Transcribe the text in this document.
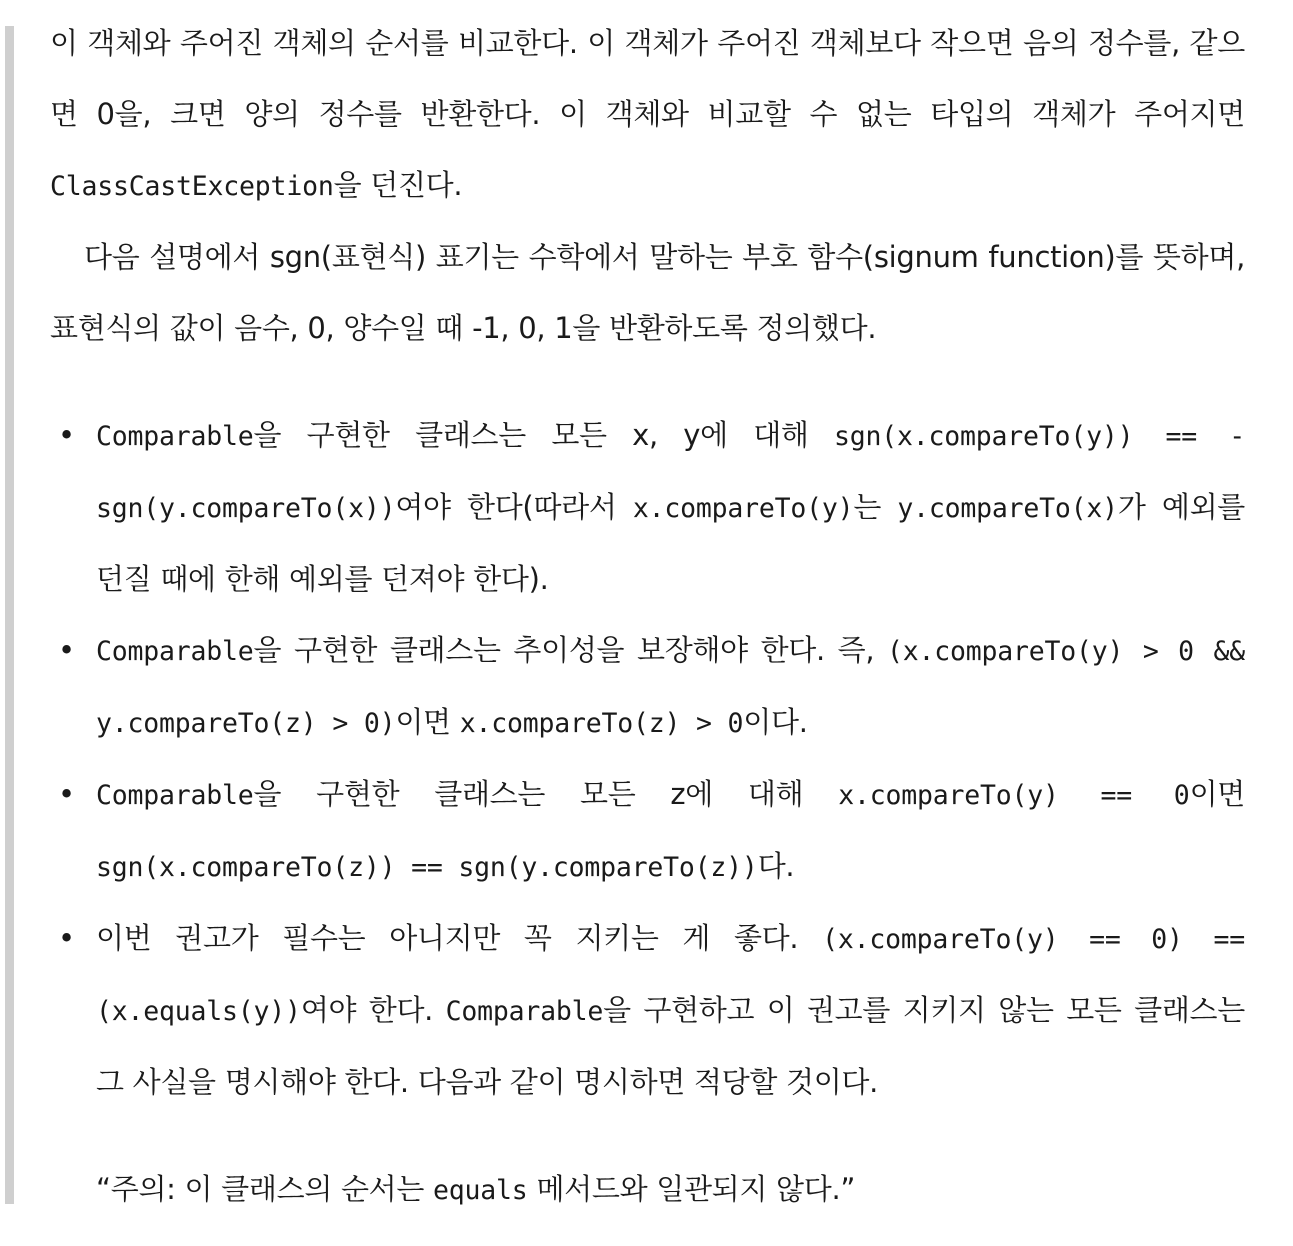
이 객체와 주어진 객체의 순서를 비교한다. 이 객체가 주어진 객체보다 작으면 음의 정수를, 같으면 0을, 크면 양의 정수를 반환한다. 이 객체와 비교할 수 없는 타입의 객체가 주어지면 ClassCastException을 던진다.

다음 설명에서 sgn(표현식) 표기는 수학에서 말하는 부호 함수(signum function)를 뜻하며, 표현식의 값이 음수, 0, 양수일 때 -1, 0, 1을 반환하도록 정의했다.

• Comparable을 구현한 클래스는 모든 x, y에 대해 sgn(x.compareTo(y)) == -sgn(y.compareTo(x))여야 한다(따라서 x.compareTo(y)는 y.compareTo(x)가 예외를 던질 때에 한해 예외를 던져야 한다).
• Comparable을 구현한 클래스는 추이성을 보장해야 한다. 즉, (x.compareTo(y) > 0 && y.compareTo(z) > 0)이면 x.compareTo(z) > 0이다.
• Comparable을 구현한 클래스는 모든 z에 대해 x.compareTo(y) == 0이면 sgn(x.compareTo(z)) == sgn(y.compareTo(z))다.
• 이번 권고가 필수는 아니지만 꼭 지키는 게 좋다. (x.compareTo(y) == 0) == (x.equals(y))여야 한다. Comparable을 구현하고 이 권고를 지키지 않는 모든 클래스는 그 사실을 명시해야 한다. 다음과 같이 명시하면 적당할 것이다.

“주의: 이 클래스의 순서는 equals 메서드와 일관되지 않다.”
